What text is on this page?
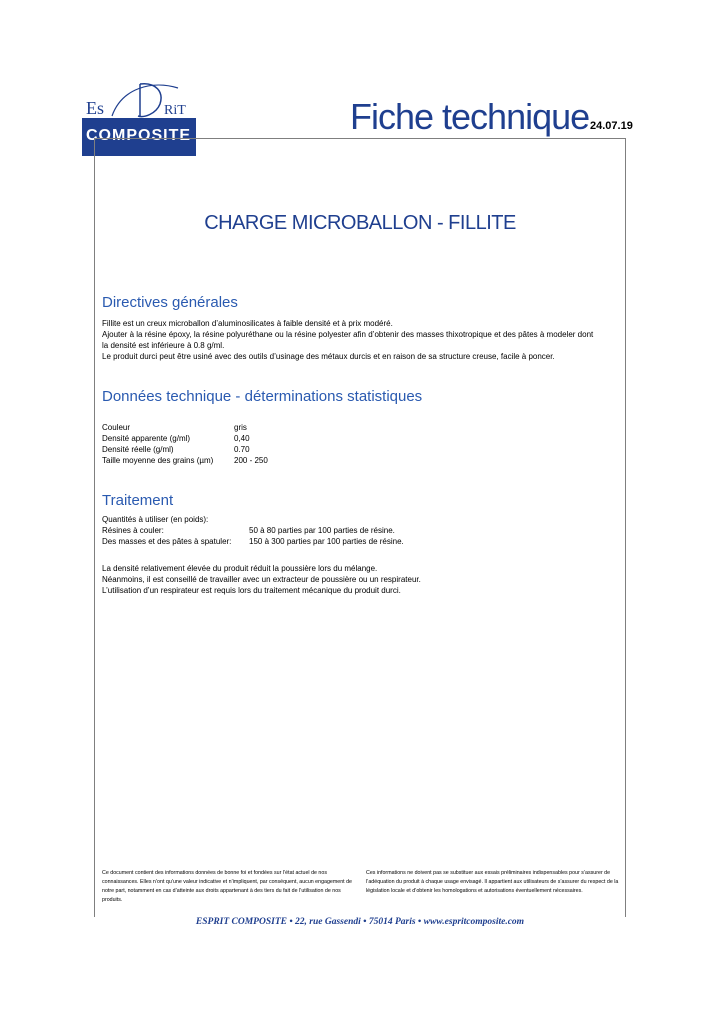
Es	RiT
COMPOSITE	Fiche technique 24.07.19
CHARGE MICROBALLON - FILLITE
Directives générales
Fillite est un creux microballon d’aluminosilicates à faible densité et à prix modéré.
Ajouter à la résine époxy, la résine polyuréthane ou la résine polyester afin d’obtenir des masses thixotropique et des pâtes à modeler dont
la densité est inférieure à 0.8 g/ml.
Le produit durci peut être usiné avec des outils d’usinage des métaux durcis et en raison de sa structure creuse, facile à poncer.
Données technique - déterminations statistiques
Couleur	gris
Densité apparente (g/ml)	0,40
Densité réelle (g/ml)	0.70
Taille moyenne des grains (µm)	200 - 250
Traitement
Quantités à utiliser (en poids):
Résines à couler:	50 à 80 parties par 100 parties de résine.
Des masses et des pâtes à spatuler:	150 à 300 parties par 100 parties de résine.
La densité relativement élevée du produit réduit la poussière lors du mélange.
Néanmoins, il est conseillé de travailler avec un extracteur de poussière ou un respirateur.
L’utilisation d’un respirateur est requis lors du traitement mécanique du produit durci.
Ce document contient des informations données de bonne foi et fondées sur l’état actuel de nos connaissances. Elles n’ont qu’une valeur indicative et n’impliquent, par conséquent, aucun engagement de notre part, notamment en cas d’atteinte aux droits appartenant à des tiers du fait de l’utilisation de nos produits.
Ces informations ne doivent pas se substituer aux essais préliminaires indispensables pour s’assurer de l’adéquation du produit à chaque usage envisagé. Il appartient aux utilisateurs de s’assurer du respect de la législation locale et d’obtenir les homologations et autorisations éventuellement nécessaires.
ESPRIT COMPOSITE • 22, rue Gassendi • 75014 Paris • www.espritcomposite.com
